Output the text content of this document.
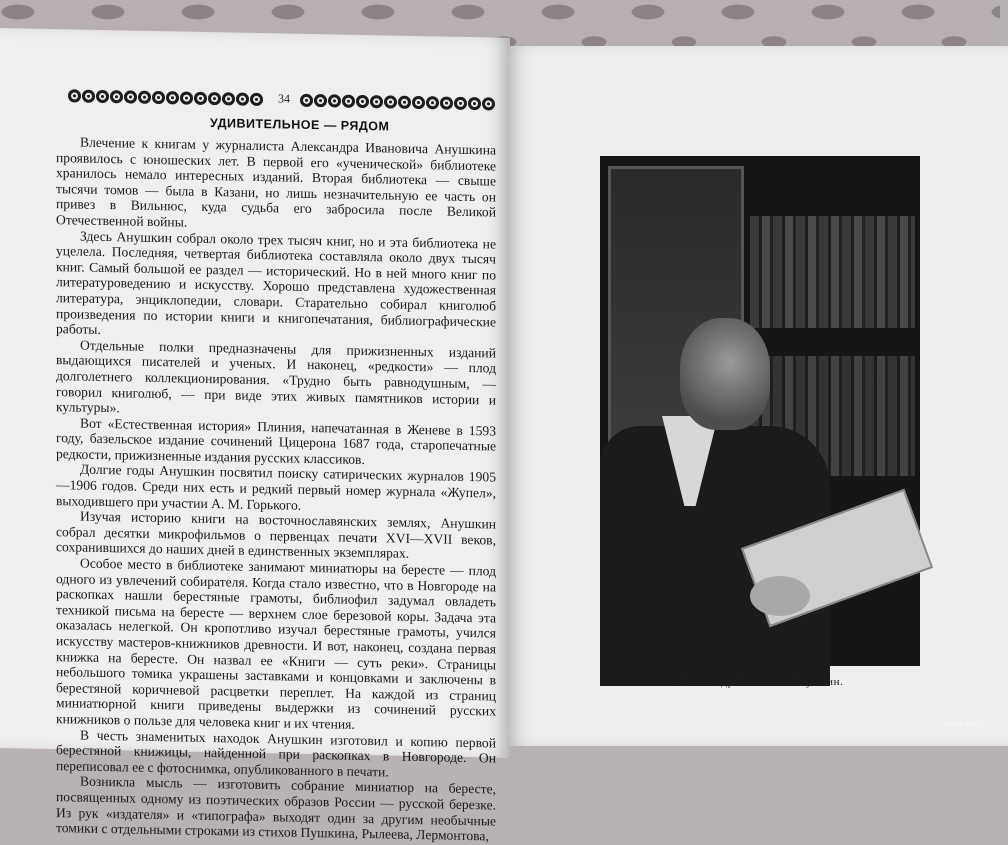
34
УДИВИТЕЛЬНОЕ — РЯДОМ

Влечение к книгам у журналиста Александра Ивановича Анушкина проявилось с юношеских лет. В первой его «ученической» библиотеке хранилось немало интересных изданий. Вторая библиотека — свыше тысячи томов — была в Казани, но лишь незначительную ее часть он привез в Вильнюс, куда судьба его забросила после Великой Отечественной войны.

Здесь Анушкин собрал около трех тысяч книг, но и эта библиотека не уцелела. Последняя, четвертая библиотека составляла около двух тысяч книг. Самый большой ее раздел — исторический. Но в ней много книг по литературоведению и искусству. Хорошо представлена художественная литература, энциклопедии, словари. Старательно собирал книголюб произведения по истории книги и книгопечатания, библиографические работы.

Отдельные полки предназначены для прижизненных изданий выдающихся писателей и ученых. И наконец, «редкости» — плод долголетнего коллекционирования. «Трудно быть равнодушным, — говорил книголюб, — при виде этих живых памятников истории и культуры».

Вот «Естественная история» Плиния, напечатанная в Женеве в 1593 году, базельское издание сочинений Цицерона 1687 года, старопечатные редкости, прижизненные издания русских классиков.

Долгие годы Анушкин посвятил поиску сатирических журналов 1905—1906 годов. Среди них есть и редкий первый номер журнала «Жупел», выходившего при участии А. М. Горького.

Изучая историю книги на восточнославянских землях, Анушкин собрал десятки микрофильмов о первенцах печати XVI—XVII веков, сохранившихся до наших дней в единственных экземплярах.

Особое место в библиотеке занимают миниатюры на бересте — плод одного из увлечений собирателя. Когда стало известно, что в Новгороде на раскопках нашли берестяные грамоты, библиофил задумал овладеть техникой письма на бересте — верхнем слое березовой коры. Задача эта оказалась нелегкой. Он кропотливо изучал берестяные грамоты, учился искусству мастеров-книжников древности. И вот, наконец, создана первая книжка на бересте. Он назвал ее «Книги — суть реки». Страницы небольшого томика украшены заставками и концовками и заключены в берестяной коричневой расцветки переплет. На каждой из страниц миниатюрной книги приведены выдержки из сочинений русских книжников о пользе для человека книг и их чтения.

В честь знаменитых находок Анушкин изготовил и копию первой берестяной книжицы, найденной при раскопках в Новгороде. Он переписовал ее с фотоснимка, опубликованного в печати.

Возникла мысль — изготовить собрание миниатюр на бересте, посвященных одному из поэтических образов России — русской березке. Из рук «издателя» и «типографа» выходят один за другим необычные томики с отдельными строками из стихов Пушкина, Рылеева, Лермонтова,

Александр Иванович Анушкин.
www.ay.by
